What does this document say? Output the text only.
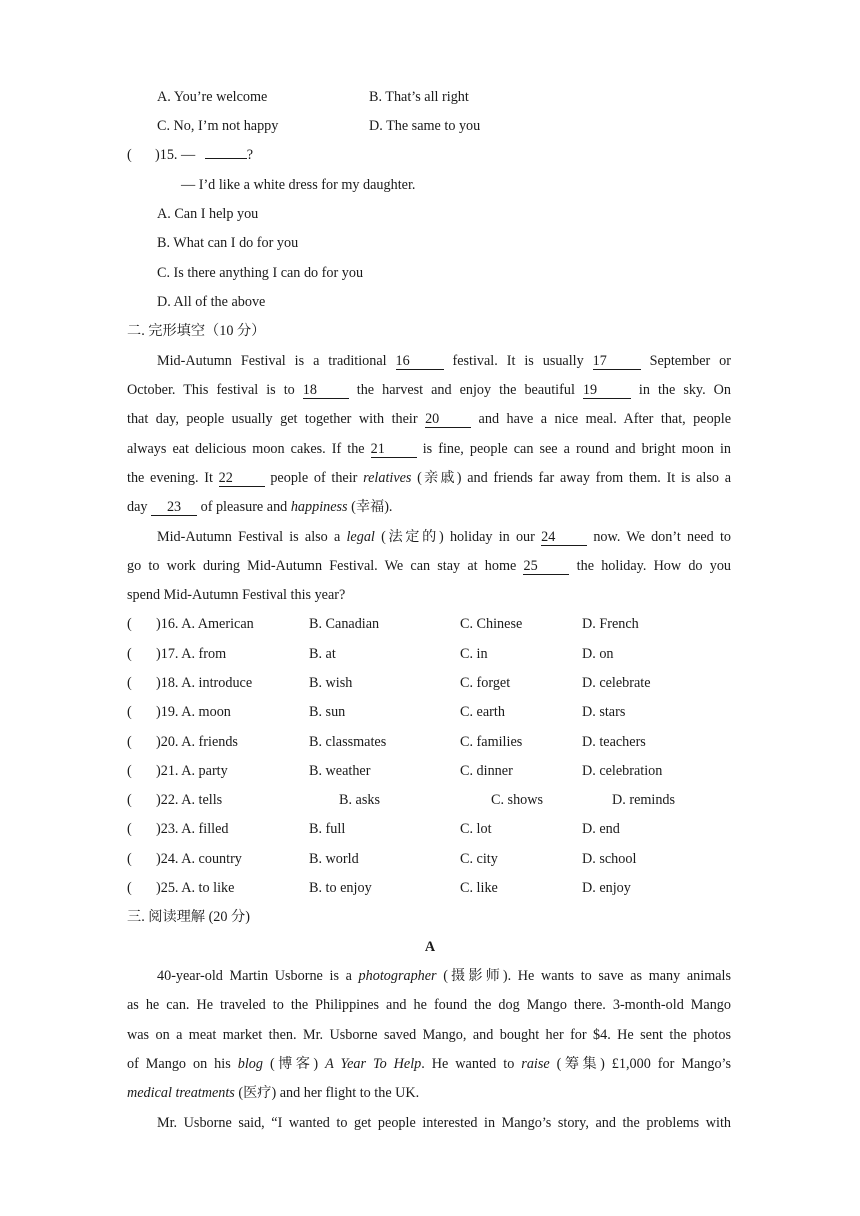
A. You’re welcome	B. That’s all right
C. No, I’m not happy	D. The same to you
( )15. —	?
— I’d like a white dress for my daughter.
A. Can I help you
B. What can I do for you
C. Is there anything I can do for you
D. All of the above
二. 完形填空（10 分）
Mid-Autumn Festival is a traditional 16	festival. It is usually 17	September or
October. This festival is to 18	the harvest and enjoy the beautiful 19	in the sky. On
that day, people usually get together with their 20	and have a nice meal. After that, people
always eat delicious moon cakes. If the 21	is fine, people can see a round and bright moon in
the evening. It 22	people of their relatives (亲戚) and friends far away from them. It is also a
day 23 of pleasure and happiness (幸福).
Mid-Autumn Festival is also a legal (法定的) holiday in our 24	now. We don’t need to
go to work during Mid-Autumn Festival. We can stay at home 25	the holiday. How do you
spend Mid-Autumn Festival this year?
( )16. A. American	B. Canadian	C. Chinese	D. French
( )17. A. from	B. at	C. in	D. on
( )18. A. introduce	B. wish	C. forget	D. celebrate
( )19. A. moon	B. sun	C. earth	D. stars
( )20. A. friends	B. classmates	C. families	D. teachers
( )21. A. party	B. weather	C. dinner	D. celebration
( )22. A. tells	B. asks	C. shows	D. reminds
( )23. A. filled	B. full	C. lot	D. end
( )24. A. country	B. world	C. city	D. school
( )25. A. to like	B. to enjoy	C. like	D. enjoy
三. 阅读理解 (20 分)
A
40-year-old Martin Usborne is a photographer (摄影师). He wants to save as many animals
as he can. He traveled to the Philippines and he found the dog Mango there. 3-month-old Mango
was on a meat market then. Mr. Usborne saved Mango, and bought her for $4. He sent the photos
of Mango on his blog (博客) A Year To Help. He wanted to raise (筹集) £1,000 for Mango’s
medical treatments (医疗) and her flight to the UK.
Mr. Usborne said, “I wanted to get people interested in Mango’s story, and the problems with
